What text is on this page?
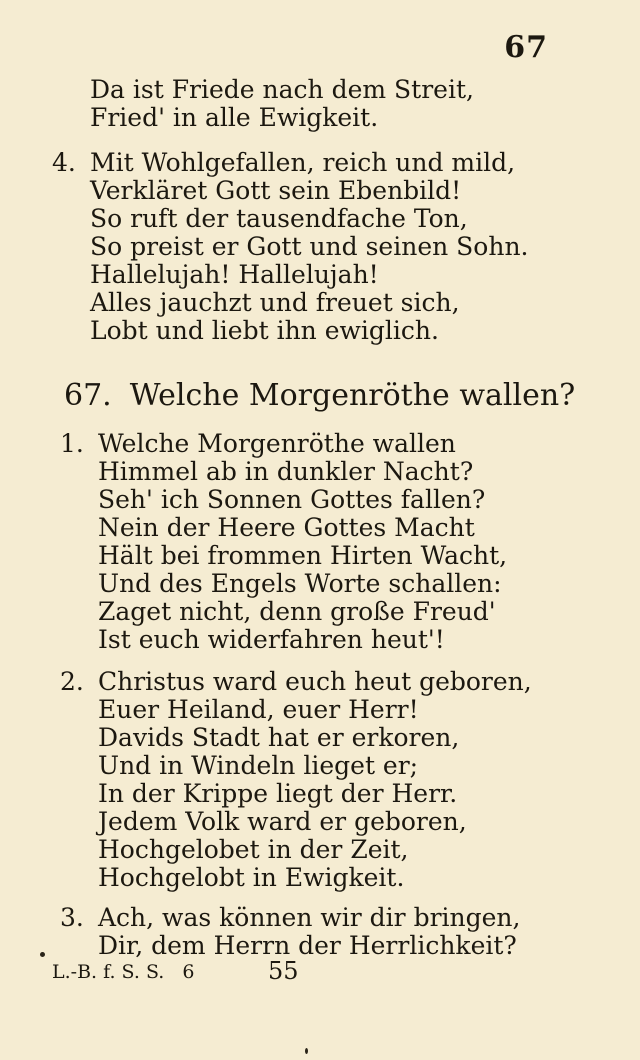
67
Da ist Friede nach dem Streit,
Fried' in alle Ewigkeit.
4. Mit Wohlgefallen, reich und mild,
Verkläret Gott sein Ebenbild!
So ruft der tausendfache Ton,
So preist er Gott und seinen Sohn.
Hallelujah! Hallelujah!
Alles jauchzt und freuet sich,
Lobt und liebt ihn ewiglich.
67. Welche Morgenröthe wallen?
1. Welche Morgenröthe wallen
Himmel ab in dunkler Nacht?
Seh' ich Sonnen Gottes fallen?
Nein der Heere Gottes Macht
Hält bei frommen Hirten Wacht,
Und des Engels Worte schallen:
Zaget nicht, denn große Freud'
Ist euch widerfahren heut'!
2. Christus ward euch heut geboren,
Euer Heiland, euer Herr!
Davids Stadt hat er erkoren,
Und in Windeln lieget er;
In der Krippe liegt der Herr.
Jedem Volk ward er geboren,
Hochgelobet in der Zeit,
Hochgelobt in Ewigkeit.
3. Ach, was können wir dir bringen,
Dir, dem Herrn der Herrlichkeit?
L.-B. f. S. S. 6	55
